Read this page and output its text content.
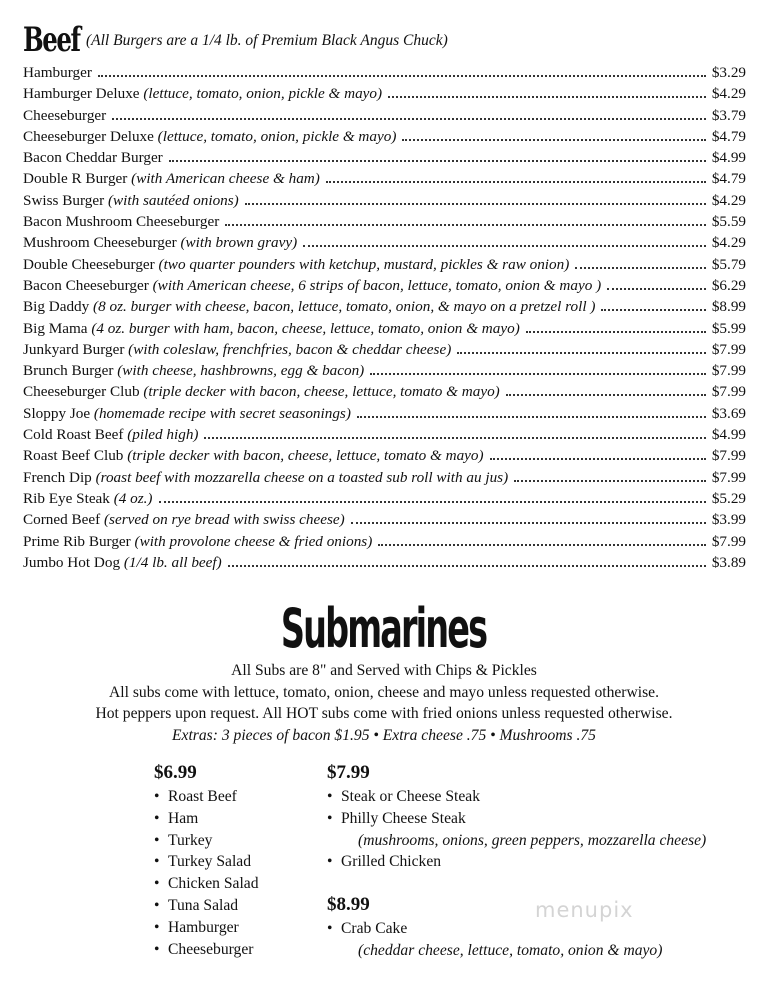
Beef (All Burgers are a 1/4 lb. of Premium Black Angus Chuck)
Hamburger	$3.29
Hamburger Deluxe (lettuce, tomato, onion, pickle & mayo)	$4.29
Cheeseburger	$3.79
Cheeseburger Deluxe (lettuce, tomato, onion, pickle & mayo)	$4.79
Bacon Cheddar Burger	$4.99
Double R Burger (with American cheese & ham)	$4.79
Swiss Burger (with sautéed onions)	$4.29
Bacon Mushroom Cheeseburger	$5.59
Mushroom Cheeseburger (with brown gravy)	$4.29
Double Cheeseburger (two quarter pounders with ketchup, mustard, pickles & raw onion)	$5.79
Bacon Cheeseburger (with American cheese, 6 strips of bacon, lettuce, tomato, onion & mayo )	$6.29
Big Daddy (8 oz. burger with cheese, bacon, lettuce, tomato, onion, & mayo on a pretzel roll )	$8.99
Big Mama (4 oz. burger with ham, bacon, cheese, lettuce, tomato, onion & mayo)	$5.99
Junkyard Burger (with coleslaw, frenchfries, bacon & cheddar cheese)	$7.99
Brunch Burger (with cheese, hashbrowns, egg & bacon)	$7.99
Cheeseburger Club (triple decker with bacon, cheese, lettuce, tomato & mayo)	$7.99
Sloppy Joe (homemade recipe with secret seasonings)	$3.69
Cold Roast Beef (piled high)	$4.99
Roast Beef Club (triple decker with bacon, cheese, lettuce, tomato & mayo)	$7.99
French Dip (roast beef with mozzarella cheese on a toasted sub roll with au jus)	$7.99
Rib Eye Steak (4 oz.)	$5.29
Corned Beef (served on rye bread with swiss cheese)	$3.99
Prime Rib Burger (with provolone cheese & fried onions)	$7.99
Jumbo Hot Dog (1/4 lb. all beef)	$3.89
Submarines
All Subs are 8" and Served with Chips & Pickles
All subs come with lettuce, tomato, onion, cheese and mayo unless requested otherwise.
Hot peppers upon request. All HOT subs come with fried onions unless requested otherwise.
Extras: 3 pieces of bacon $1.95 • Extra cheese .75 • Mushrooms .75
$6.99
• Roast Beef
• Ham
• Turkey
• Turkey Salad
• Chicken Salad
• Tuna Salad
• Hamburger
• Cheeseburger
$7.99
• Steak or Cheese Steak
• Philly Cheese Steak
(mushrooms, onions, green peppers, mozzarella cheese)
• Grilled Chicken
$8.99
• Crab Cake
(cheddar cheese, lettuce, tomato, onion & mayo)
menupix
